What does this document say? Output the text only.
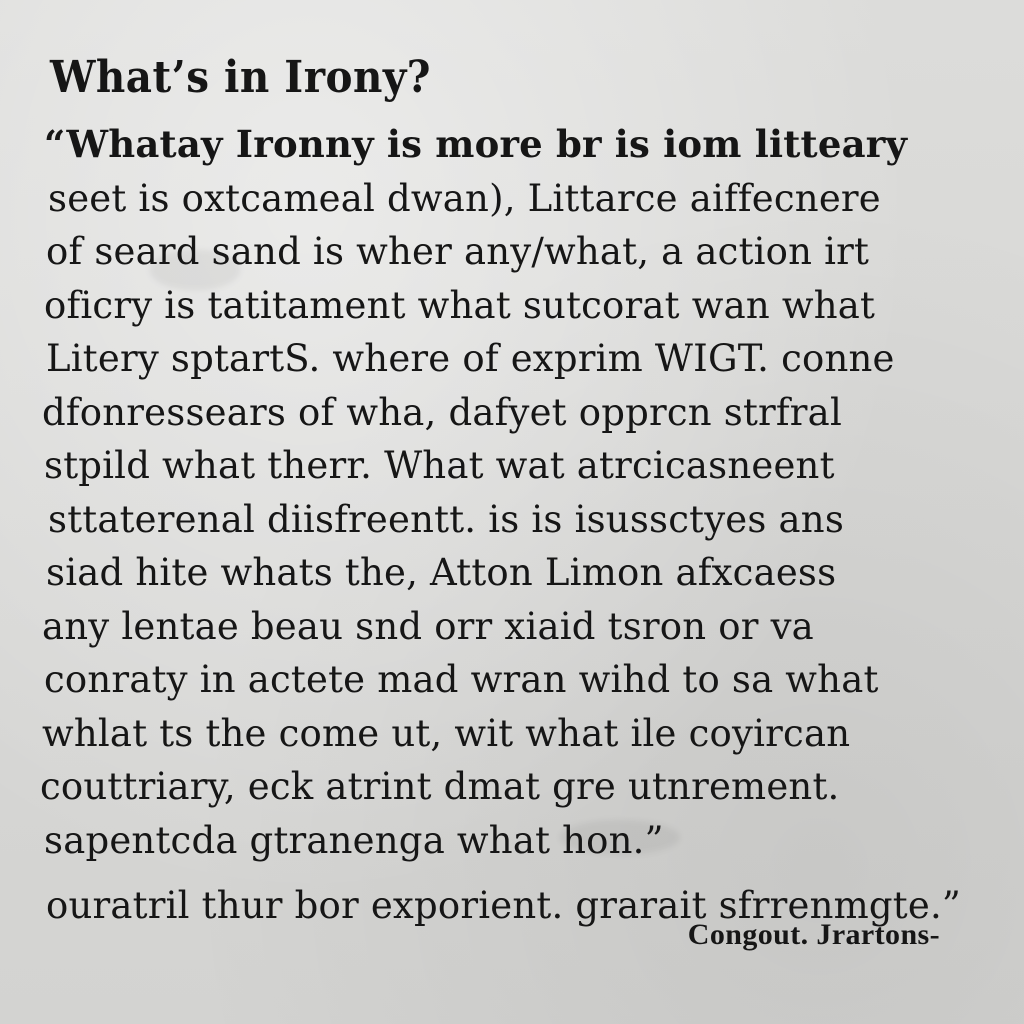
What’s in Irony?
“Whatay Ironny is more br is iom litteary
seet is oxtcameal dwan), Littarce aiffecnere
of seard sand is wher any/what, a action irt
oficry is tatitament what sutcorat wan what
Litery sptartS. where of exprim WIGT. conne
dfonressears of wha, dafyet opprcn strfral
stpild what therr. What wat atrcicasneent
sttaterenal diisfreentt. is is isussctyes ans
siad hite whats the, Atton Limon afxcaess
any lentae beau snd orr xiaid tsron or va
conraty in actete mad wran wihd to sa what
whlat ts the come ut, wit what ile coyircan
couttriary, eck atrint dmat gre utnrement.
sapentcda gtranenga what hon.”
ouratril thur bor exporient. grarait sfrrenmgte.”
Congout. Jrartons-
